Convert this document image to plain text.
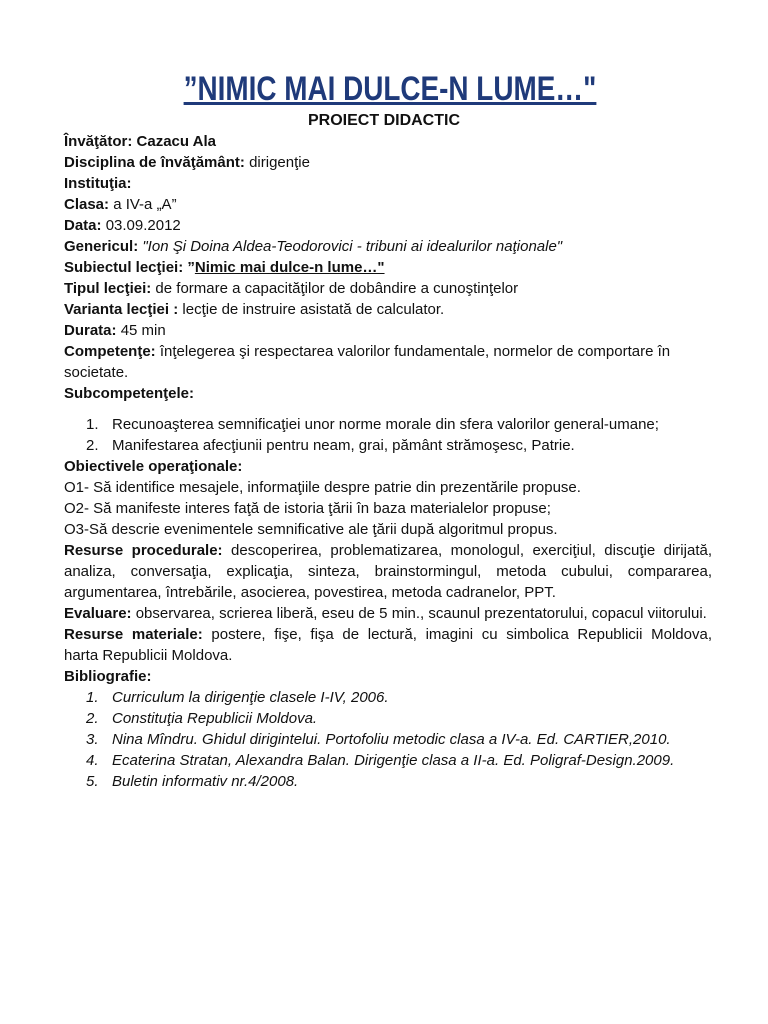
”NIMIC MAI DULCE-N LUME…"
PROIECT DIDACTIC
Învăţător: Cazacu Ala
Disciplina de învăţământ: dirigenţie
Instituţia:
Clasa: a IV-a „A”
Data: 03.09.2012
Genericul: "Ion Şi Doina Aldea-Teodorovici - tribuni ai idealurilor naţionale"
Subiectul lecţiei: ”Nimic mai dulce-n lume…"
Tipul lecţiei: de formare a capacităţilor de dobândire a cunoştinţelor
Varianta lecţiei : lecţie de instruire asistată de calculator.
Durata: 45 min
Competenţe: înţelegerea şi respectarea valorilor fundamentale, normelor de comportare în
societate.
Subcompetenţele:
1. Recunoaşterea semnificaţiei unor norme morale din sfera valorilor general-umane;
2. Manifestarea afecţiunii pentru neam, grai, pământ strămoşesc, Patrie.
Obiectivele operaţionale:
O1- Să identifice mesajele, informaţiile despre patrie din prezentările propuse.
O2- Să manifeste interes faţă de istoria ţării în baza materialelor propuse;
O3-Să descrie evenimentele semnificative ale ţării după algoritmul propus.
Resurse procedurale: descoperirea, problematizarea, monologul, exerciţiul, discuţie dirijată,
analiza, conversaţia, explicaţia, sinteza, brainstormingul, metoda cubului, compararea,
argumentarea, întrebările, asocierea, povestirea, metoda cadranelor, PPT.
Evaluare: observarea, scrierea liberă, eseu de 5 min., scaunul prezentatorului, copacul viitorului.
Resurse materiale: postere, fişe, fişa de lectură, imagini cu simbolica Republicii Moldova,
harta Republicii Moldova.
Bibliografie:
1. Curriculum la dirigenţie clasele I-IV, 2006.
2. Constituţia Republicii Moldova.
3. Nina Mîndru. Ghidul diriginteluі. Portofoliu metodic clasa a IV-a. Ed. CARTIER,2010.
4. Ecaterina Stratan, Alexandra Balan. Dirigenţie clasa a II-a. Ed. Poligraf-Design.2009.
5. Buletin informativ nr.4/2008.
